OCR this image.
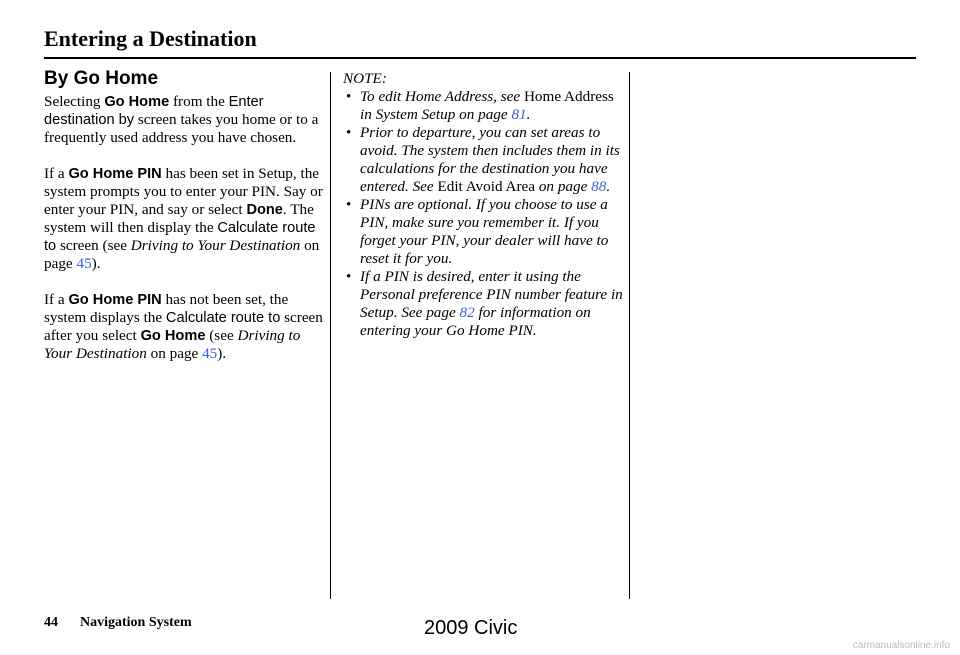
Entering a Destination
By Go Home

Selecting Go Home from the Enter destination by screen takes you home or to a frequently used address you have chosen.

If a Go Home PIN has been set in Setup, the system prompts you to enter your PIN. Say or enter your PIN, and say or select Done. The system will then display the Calculate route to screen (see Driving to Your Destination on page 45).

If a Go Home PIN has not been set, the system displays the Calculate route to screen after you select Go Home (see Driving to Your Destination on page 45).

NOTE:
• To edit Home Address, see Home Address in System Setup on page 81.
• Prior to departure, you can set areas to avoid. The system then includes them in its calculations for the destination you have entered. See Edit Avoid Area on page 88.
• PINs are optional. If you choose to use a PIN, make sure you remember it. If you forget your PIN, your dealer will have to reset it for you.
• If a PIN is desired, enter it using the Personal preference PIN number feature in Setup. See page 82 for information on entering your Go Home PIN.
44 Navigation System	2009 Civic
carmanualsonline.info
